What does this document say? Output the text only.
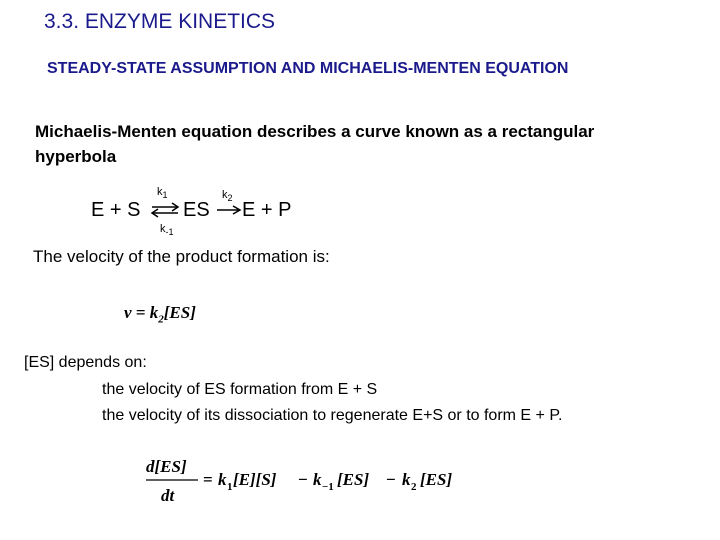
3.3. ENZYME KINETICS
STEADY-STATE ASSUMPTION AND MICHAELIS-MENTEN EQUATION
Michaelis-Menten equation describes a curve known as a rectangular hyperbola
E + S ⇌
$k_1$
$k_{-1}$
ES
$k_2$
E + P
The velocity of the product formation is:
$v = k_2[ES]$
[ES] depends on:
the velocity of ES formation from E + S
the velocity of its dissociation to regenerate E+S or to form E + P.
d[ES]
dt
= k 1 [E][S] − k −1 [ES] − k 2 [ES]
